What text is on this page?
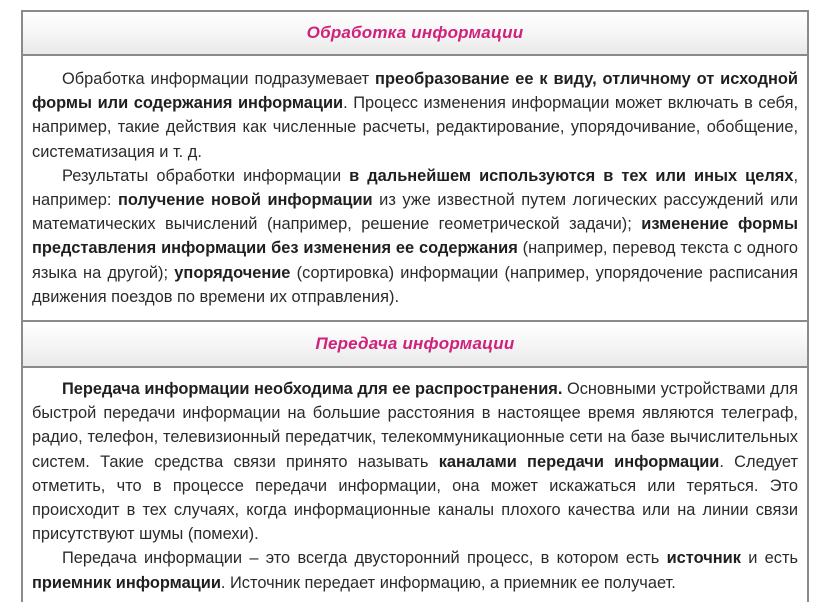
Обработка информации

Обработка информации подразумевает преобразование ее к виду, отличному от исходной формы или содержания информации. Процесс изменения информации может включать в себя, например, такие действия как численные расчеты, редактирование, упорядочивание, обобщение, систематизация и т. д.

Результаты обработки информации в дальнейшем используются в тех или иных целях, например: получение новой информации из уже известной путем логических рассуждений или математических вычислений (например, решение геометрической задачи); изменение формы представления информации без изменения ее содержания (например, перевод текста с одного языка на другой); упорядочение (сортировка) информации (например, упорядочение расписания движения поездов по времени их отправления).

Передача информации

Передача информации необходима для ее распространения. Основными устройствами для быстрой передачи информации на большие расстояния в настоящее время являются телеграф, радио, телефон, телевизионный передатчик, телекоммуникационные сети на базе вычислительных систем. Такие средства связи принято называть каналами передачи информации. Следует отметить, что в процессе передачи информации, она может искажаться или теряться. Это происходит в тех случаях, когда информационные каналы плохого качества или на линии связи присутствуют шумы (помехи).

Передача информации – это всегда двусторонний процесс, в котором есть источник и есть приемник информации. Источник передает информацию, а приемник ее получает.
